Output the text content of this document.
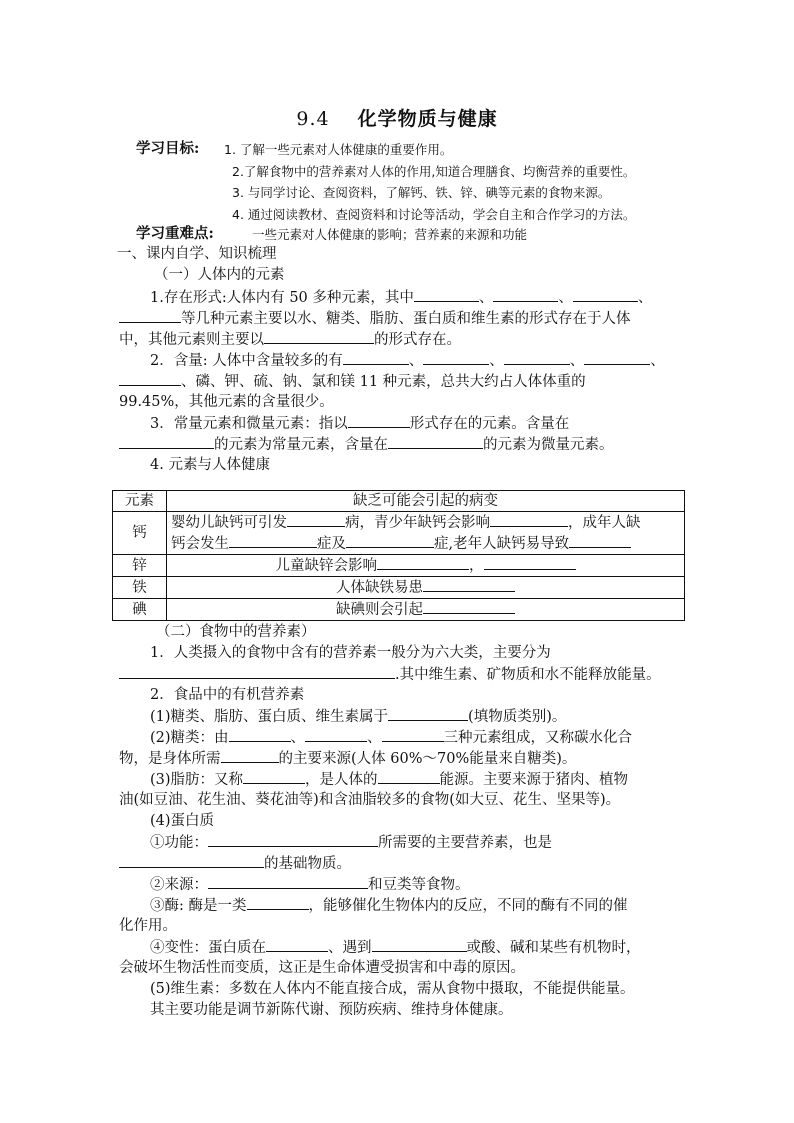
9.4 化学物质与健康
学习目标: 1. 了解一些元素对人体健康的重要作用。
2.了解食物中的营养素对人体的作用,知道合理膳食、均衡营养的重要性。
3. 与同学讨论、查阅资料，了解钙、铁、锌、碘等元素的食物来源。
4. 通过阅读教材、查阅资料和讨论等活动，学会自主和合作学习的方法。
学习重难点:	一些元素对人体健康的影响；营养素的来源和功能
一、课内自学、知识梳理
（一）人体内的元素
1.存在形式:人体内有 50 多种元素，其中	、	、	、
等几种元素主要以水、糖类、脂肪、蛋白质和维生素的形式存在于人体
中，其他元素则主要以	的形式存在。
2．含量: 人体中含量较多的有	、	、	、	、
、磷、钾、硫、钠、氯和镁 11 种元素，总共大约占人体体重的
99.45%，其他元素的含量很少。
3．常量元素和微量元素：指以	形式存在的元素。含量在
的元素为常量元素，含量在	的元素为微量元素。
4. 元素与人体健康
元素	缺乏可能会引起的病变
钙	婴幼儿缺钙可引发 病，青少年缺钙会影响 ，成年人缺
钙会发生 症及 症,老年人缺钙易导致
锌	儿童缺锌会影响 ，
铁	人体缺铁易患
碘	缺碘则会引起
（二）食物中的营养素）
1．人类摄入的食物中含有的营养素一般分为六大类，主要分为
.其中维生素、矿物质和水不能释放能量。
2．食品中的有机营养素
(1)糖类、脂肪、蛋白质、维生素属于	(填物质类别)。
(2)糖类：由	、	、	三种元素组成，又称碳水化合
物，是身体所需	的主要来源(人体 60%～70%能量来自糖类)。
(3)脂肪：又称	，是人体的	能源。主要来源于猪肉、植物
油(如豆油、花生油、葵花油等)和含油脂较多的食物(如大豆、花生、坚果等)。
(4)蛋白质
①功能：	所需要的主要营养素，也是
的基础物质。
②来源：	和豆类等食物。
③酶: 酶是一类	，能够催化生物体内的反应，不同的酶有不同的催
化作用。
④变性：蛋白质在	、遇到	或酸、碱和某些有机物时，
会破坏生物活性而变质，这正是生命体遭受损害和中毒的原因。
(5)维生素：多数在人体内不能直接合成，需从食物中摄取，不能提供能量。
其主要功能是调节新陈代谢、预防疾病、维持身体健康。
